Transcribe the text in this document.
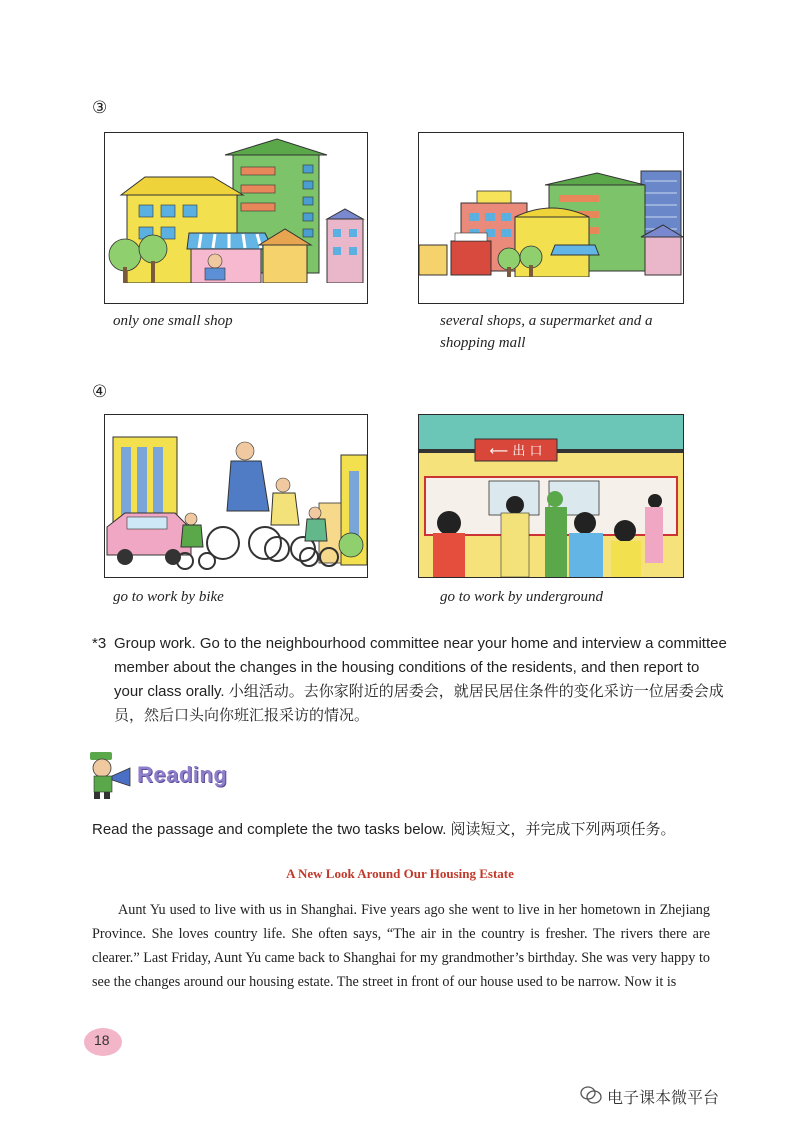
③
only one small shop	several shops, a supermarket and a shopping mall
④
go to work by bike
⟵ 出 口
go to work by underground
*3 Group work. Go to the neighbourhood committee near your home and interview a committee member about the changes in the housing conditions of the residents, and then report to your class orally. 小组活动。去你家附近的居委会，就居民居住条件的变化采访一位居委会成员，然后口头向你班汇报采访的情况。

Reading
Read the passage and complete the two tasks below. 阅读短文，并完成下列两项任务。
A New Look Around Our Housing Estate

Aunt Yu used to live with us in Shanghai. Five years ago she went to live in her hometown in Zhejiang Province. She loves country life. She often says, “The air in the country is fresher. The rivers there are clearer.” Last Friday, Aunt Yu came back to Shanghai for my grandmother’s birthday. She was very happy to see the changes around our housing estate. The street in front of our house used to be narrow. Now it is

18
电子课本微平台
